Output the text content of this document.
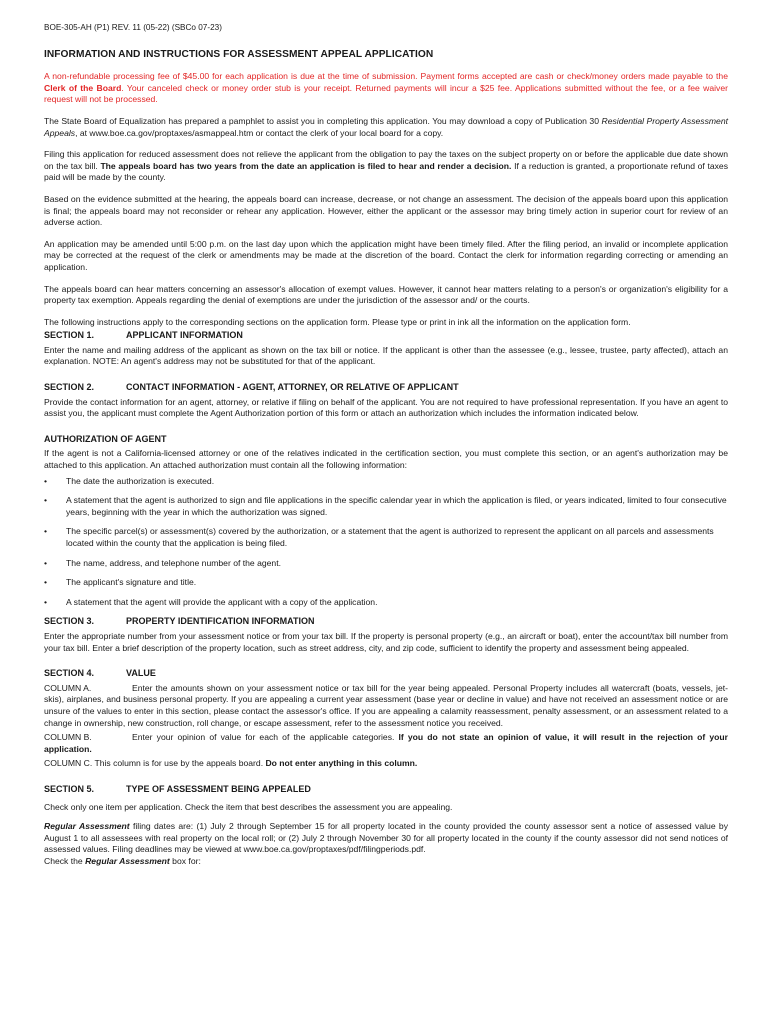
BOE-305-AH (P1) REV. 11 (05-22) (SBCo 07-23)
INFORMATION AND INSTRUCTIONS FOR ASSESSMENT APPEAL APPLICATION

A non-refundable processing fee of $45.00 for each application is due at the time of submission. Payment forms accepted are cash or check/money orders made payable to the Clerk of the Board. Your canceled check or money order stub is your receipt. Returned payments will incur a $25 fee. Applications submitted without the fee, or a fee waiver request will not be processed.

The State Board of Equalization has prepared a pamphlet to assist you in completing this application. You may download a copy of Publication 30 Residential Property Assessment Appeals, at www.boe.ca.gov/proptaxes/asmappeal.htm or contact the clerk of your local board for a copy.

Filing this application for reduced assessment does not relieve the applicant from the obligation to pay the taxes on the subject property on or before the applicable due date shown on the tax bill. The appeals board has two years from the date an application is filed to hear and render a decision. If a reduction is granted, a proportionate refund of taxes paid will be made by the county.

Based on the evidence submitted at the hearing, the appeals board can increase, decrease, or not change an assessment. The decision of the appeals board upon this application is final; the appeals board may not reconsider or rehear any application. However, either the applicant or the assessor may bring timely action in superior court for review of an adverse action.

An application may be amended until 5:00 p.m. on the last day upon which the application might have been timely filed. After the filing period, an invalid or incomplete application may be corrected at the request of the clerk or amendments may be made at the discretion of the board. Contact the clerk for information regarding correcting or amending an application.

The appeals board can hear matters concerning an assessor's allocation of exempt values. However, it cannot hear matters relating to a person's or organization's eligibility for a property tax exemption. Appeals regarding the denial of exemptions are under the jurisdiction of the assessor and/ or the courts.

The following instructions apply to the corresponding sections on the application form. Please type or print in ink all the information on the application form.

SECTION 1.	APPLICANT INFORMATION

Enter the name and mailing address of the applicant as shown on the tax bill or notice. If the applicant is other than the assessee (e.g., lessee, trustee, party affected), attach an explanation. NOTE: An agent's address may not be substituted for that of the applicant.

SECTION 2.	CONTACT INFORMATION - AGENT, ATTORNEY, OR RELATIVE OF APPLICANT

Provide the contact information for an agent, attorney, or relative if filing on behalf of the applicant. You are not required to have professional representation. If you have an agent to assist you, the applicant must complete the Agent Authorization portion of this form or attach an authorization which includes the information indicated below.

AUTHORIZATION OF AGENT

If the agent is not a California-licensed attorney or one of the relatives indicated in the certification section, you must complete this section, or an agent's authorization may be attached to this application. An attached authorization must contain all the following information:

•	The date the authorization is executed.
•	A statement that the agent is authorized to sign and file applications in the specific calendar year in which the application is filed, or years indicated, limited to four consecutive years, beginning with the year in which the authorization was signed.
•	The specific parcel(s) or assessment(s) covered by the authorization, or a statement that the agent is authorized to represent the applicant on all parcels and assessments located within the county that the application is being filed.
•	The name, address, and telephone number of the agent.
•	The applicant's signature and title.
•	A statement that the agent will provide the applicant with a copy of the application.
SECTION 3.	PROPERTY IDENTIFICATION INFORMATION

Enter the appropriate number from your assessment notice or from your tax bill. If the property is personal property (e.g., an aircraft or boat), enter the account/tax bill number from your tax bill. Enter a brief description of the property location, such as street address, city, and zip code, sufficient to identify the property and assessment being appealed.

SECTION 4.	VALUE

COLUMN A.	Enter the amounts shown on your assessment notice or tax bill for the year being appealed. Personal Property includes all watercraft (boats, vessels, jet-skis), airplanes, and business personal property. If you are appealing a current year assessment (base year or decline in value) and have not received an assessment notice or are unsure of the values to enter in this section, please contact the assessor's office. If you are appealing a calamity reassessment, penalty assessment, or an assessment related to a change in ownership, new construction, roll change, or escape assessment, refer to the assessment notice you received.

COLUMN B.	Enter your opinion of value for each of the applicable categories. If you do not state an opinion of value, it will result in the rejection of your application.

COLUMN C. This column is for use by the appeals board. Do not enter anything in this column.

SECTION 5.	TYPE OF ASSESSMENT BEING APPEALED

Check only one item per application. Check the item that best describes the assessment you are appealing.

Regular Assessment filing dates are: (1) July 2 through September 15 for all property located in the county provided the county assessor sent a notice of assessed value by August 1 to all assessees with real property on the local roll; or (2) July 2 through November 30 for all property located in the county if the county assessor did not send notices of assessed values. Filing deadlines may be viewed at www.boe.ca.gov/proptaxes/pdf/filingperiods.pdf.
Check the Regular Assessment box for:
